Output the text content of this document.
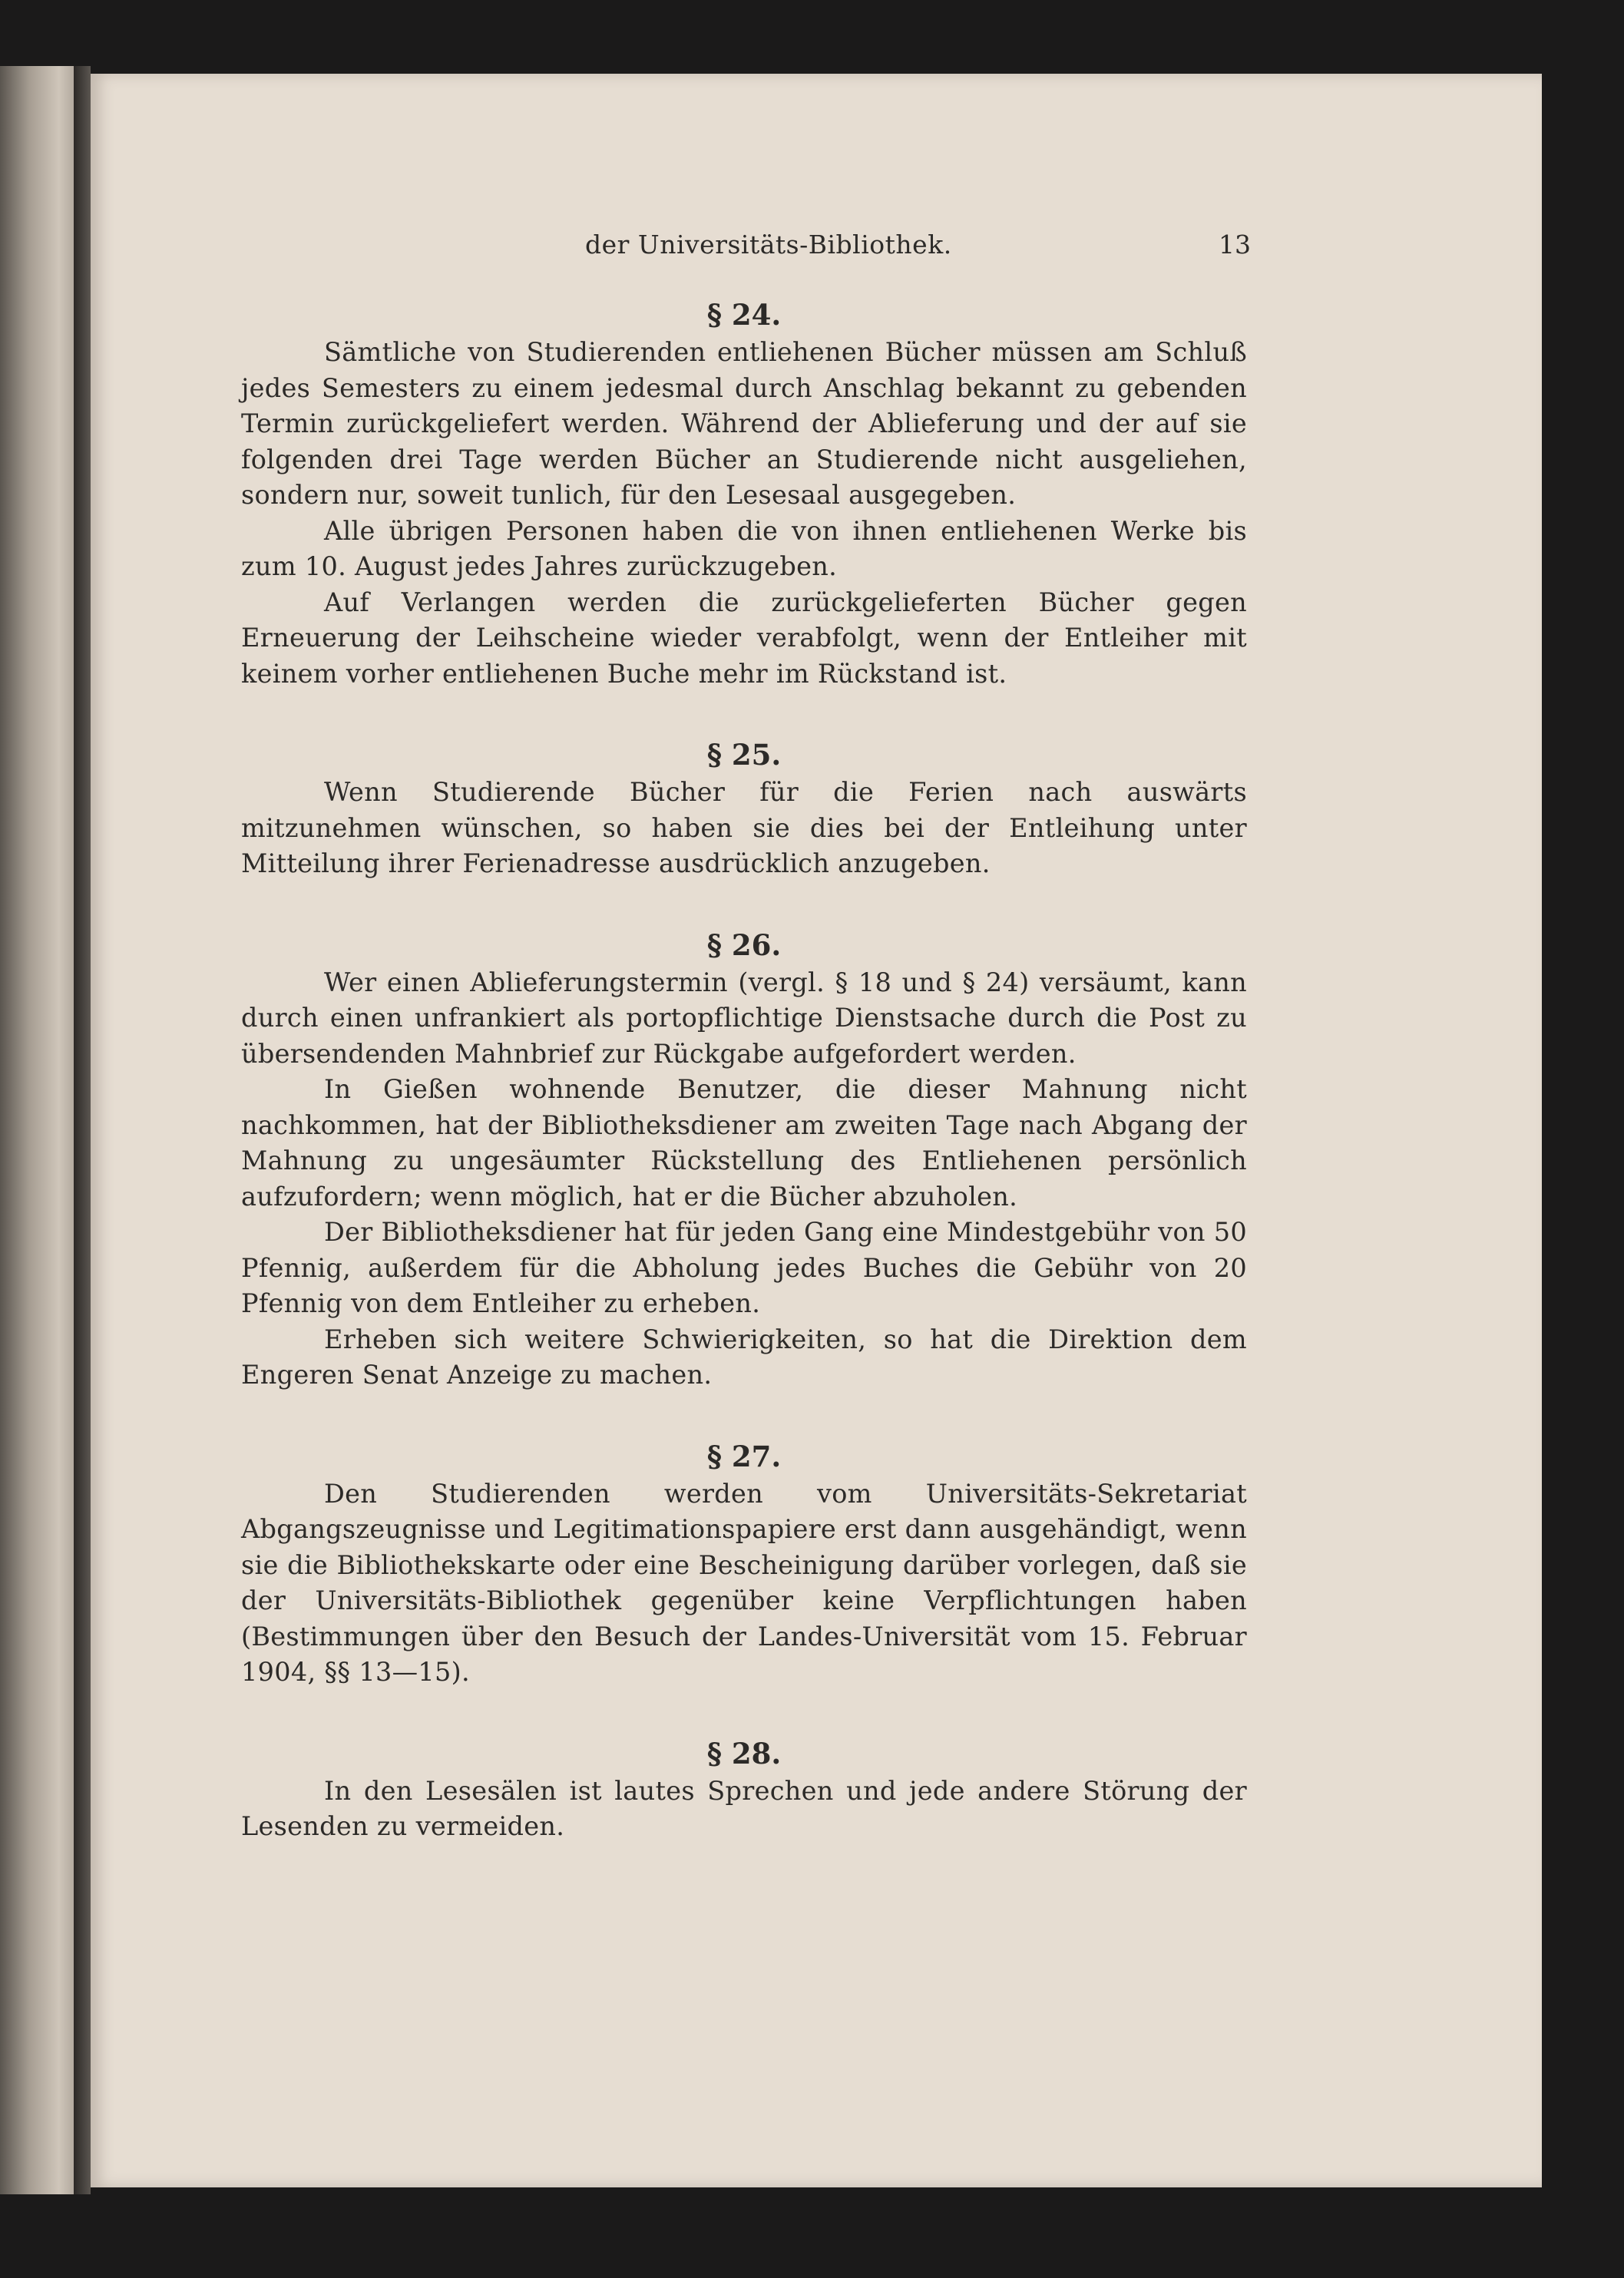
der Universitäts-Bibliothek.	13
§ 24.

Sämtliche von Studierenden entliehenen Bücher müssen am Schluß jedes Semesters zu einem jedesmal durch Anschlag bekannt zu gebenden Termin zurückgeliefert werden. Während der Ablieferung und der auf sie folgenden drei Tage werden Bücher an Studierende nicht ausgeliehen, sondern nur, soweit tunlich, für den Lesesaal ausgegeben.

Alle übrigen Personen haben die von ihnen entliehenen Werke bis zum 10. August jedes Jahres zurückzugeben.

Auf Verlangen werden die zurückgelieferten Bücher gegen Erneuerung der Leihscheine wieder verabfolgt, wenn der Entleiher mit keinem vorher entliehenen Buche mehr im Rückstand ist.

§ 25.

Wenn Studierende Bücher für die Ferien nach auswärts mitzunehmen wünschen, so haben sie dies bei der Entleihung unter Mitteilung ihrer Ferienadresse ausdrücklich anzugeben.

§ 26.

Wer einen Ablieferungstermin (vergl. § 18 und § 24) versäumt, kann durch einen unfrankiert als portopflichtige Dienstsache durch die Post zu übersendenden Mahnbrief zur Rückgabe aufgefordert werden.

In Gießen wohnende Benutzer, die dieser Mahnung nicht nachkommen, hat der Bibliotheksdiener am zweiten Tage nach Abgang der Mahnung zu ungesäumter Rückstellung des Entliehenen persönlich aufzufordern; wenn möglich, hat er die Bücher abzuholen.

Der Bibliotheksdiener hat für jeden Gang eine Mindestgebühr von 50 Pfennig, außerdem für die Abholung jedes Buches die Gebühr von 20 Pfennig von dem Entleiher zu erheben.

Erheben sich weitere Schwierigkeiten, so hat die Direktion dem Engeren Senat Anzeige zu machen.

§ 27.

Den Studierenden werden vom Universitäts-Sekretariat Abgangszeugnisse und Legitimationspapiere erst dann ausgehändigt, wenn sie die Bibliothekskarte oder eine Bescheinigung darüber vorlegen, daß sie der Universitäts-Bibliothek gegenüber keine Verpflichtungen haben (Bestimmungen über den Besuch der Landes-Universität vom 15. Februar 1904, §§ 13—15).

§ 28.

In den Lesesälen ist lautes Sprechen und jede andere Störung der Lesenden zu vermeiden.
